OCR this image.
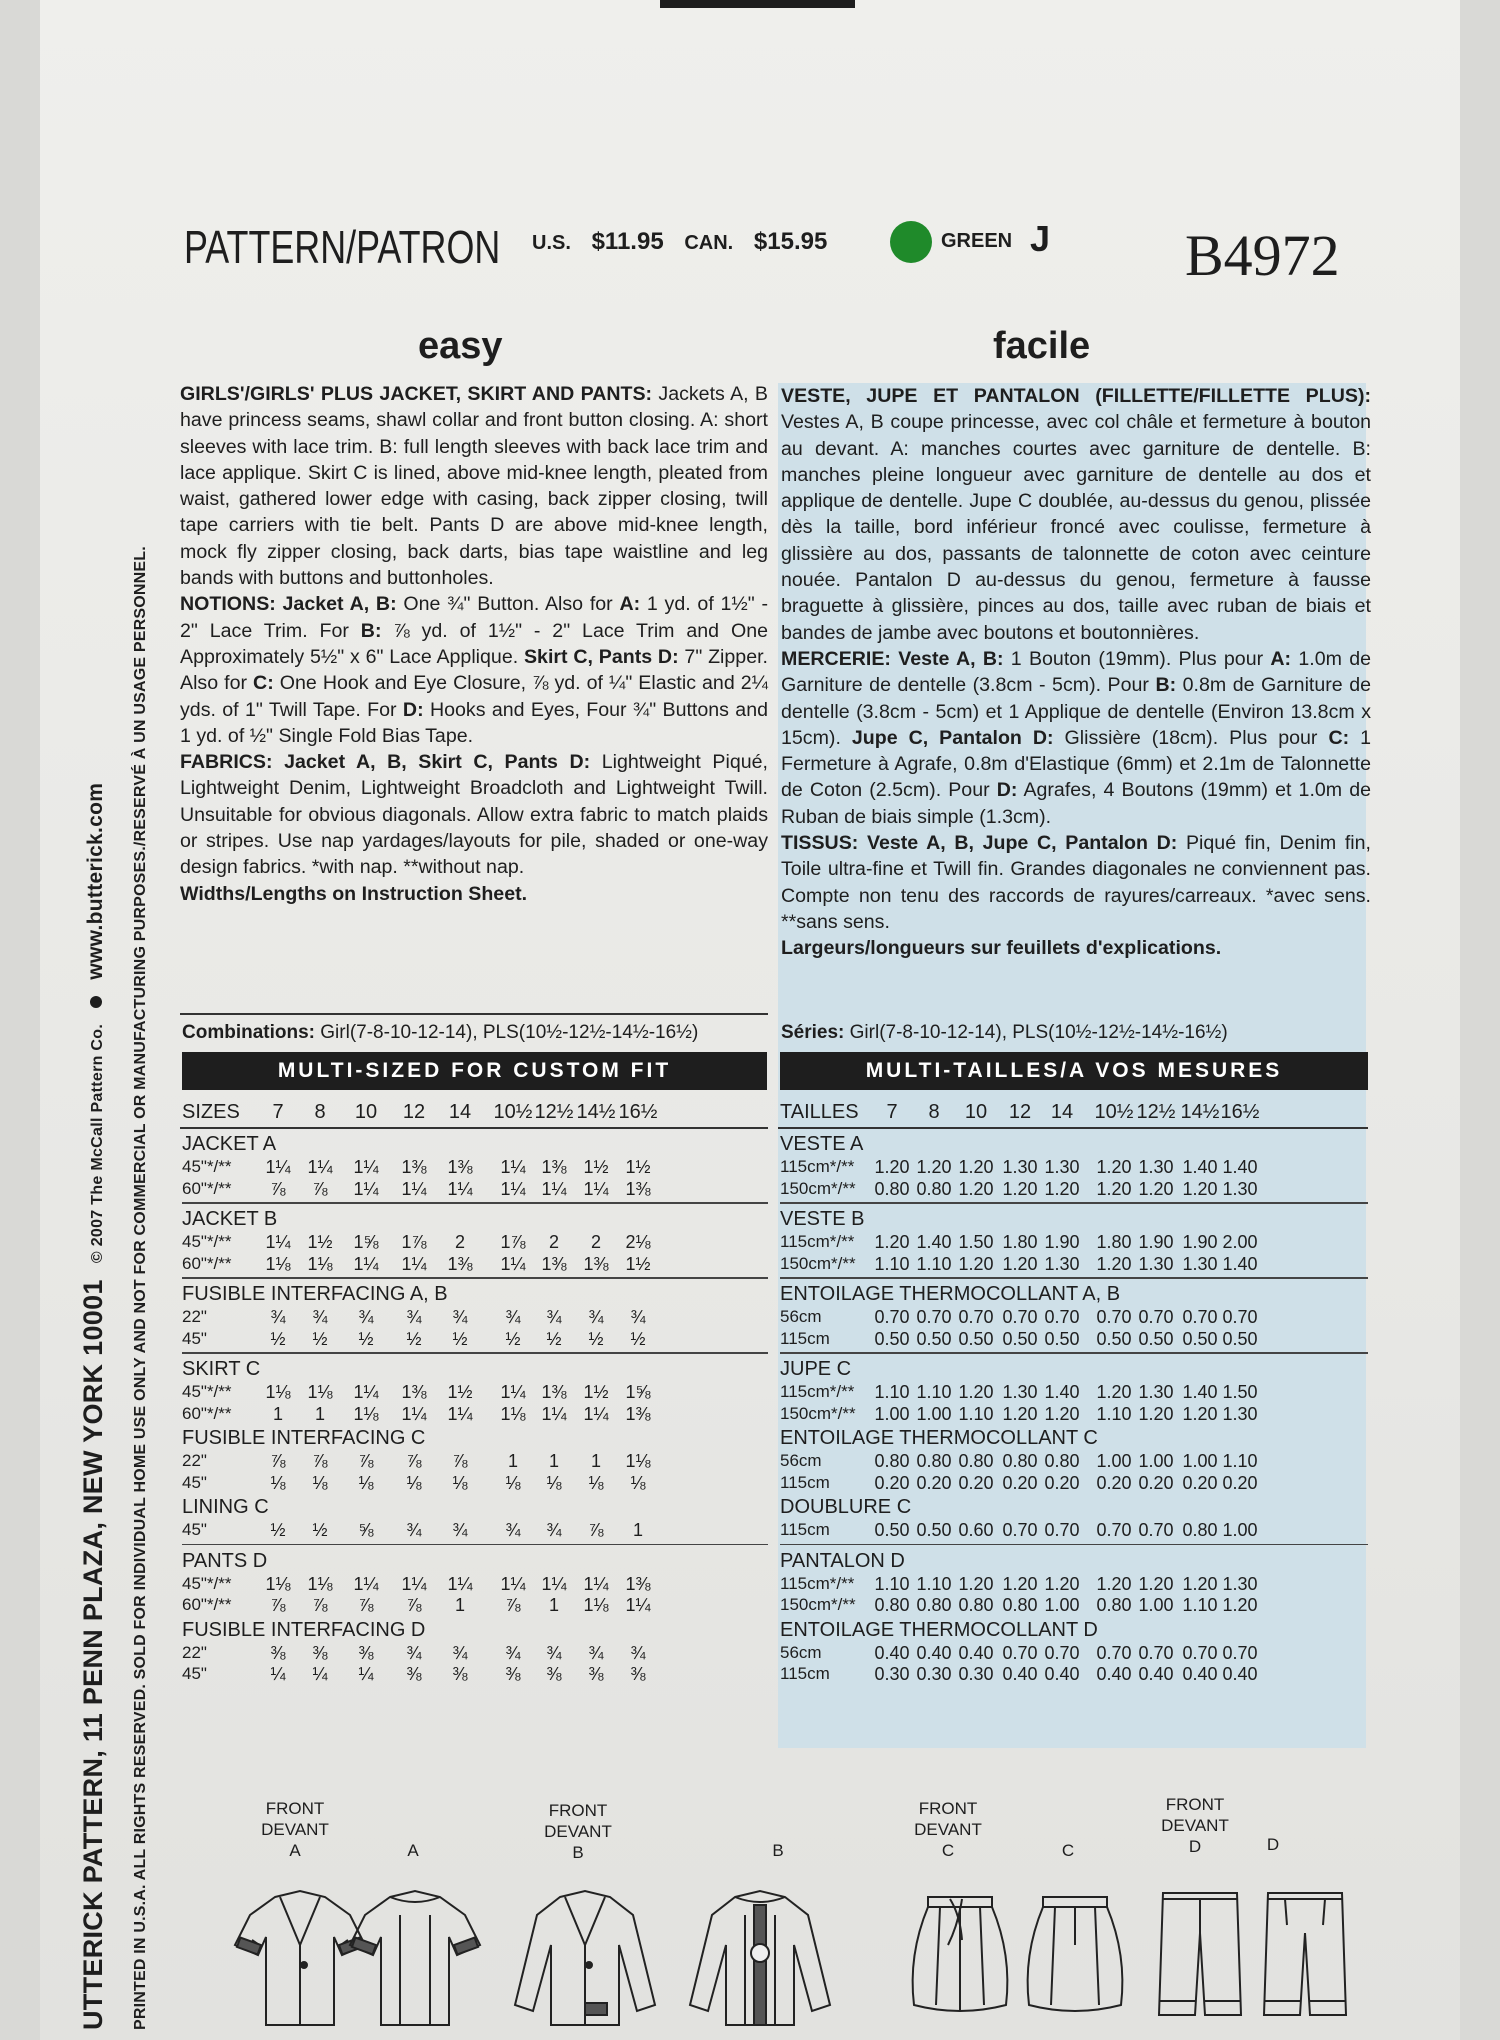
UTTERICK PATTERN, 11 PENN PLAZA, NEW YORK 10001 © 2007 The McCall Pattern Co.  www.butterick.com PRINTED IN U.S.A. ALL RIGHTS RESERVED. SOLD FOR INDIVIDUAL HOME USE ONLY AND NOT FOR COMMERCIAL OR MANUFACTURING PURPOSES./RESERVÉ À UN USAGE PERSONNEL.
PATTERN/PATRON U.S. $11.95 CAN. $15.95	GREEN J B4972
easy	facile

GIRLS'/GIRLS' PLUS JACKET, SKIRT AND PANTS: Jackets A, B have princess seams, shawl collar and front button closing. A: short sleeves with lace trim. B: full length sleeves with back lace trim and lace applique. Skirt C is lined, above mid-knee length, pleated from waist, gathered lower edge with casing, back zipper closing, twill tape carriers with tie belt. Pants D are above mid-knee length, mock fly zipper closing, back darts, bias tape waistline and leg bands with buttons and buttonholes.

NOTIONS: Jacket A, B: One ¾" Button. Also for A: 1 yd. of 1½" - 2" Lace Trim. For B: ⅞ yd. of 1½" - 2" Lace Trim and One Approximately 5½" x 6" Lace Applique. Skirt C, Pants D: 7" Zipper. Also for C: One Hook and Eye Closure, ⅞ yd. of ¼" Elastic and 2¼ yds. of 1" Twill Tape. For D: Hooks and Eyes, Four ¾" Buttons and 1 yd. of ½" Single Fold Bias Tape.

FABRICS: Jacket A, B, Skirt C, Pants D: Lightweight Piqué, Lightweight Denim, Lightweight Broadcloth and Lightweight Twill. Unsuitable for obvious diagonals. Allow extra fabric to match plaids or stripes. Use nap yardages/layouts for pile, shaded or one-way design fabrics. *with nap. **without nap.

Widths/Lengths on Instruction Sheet.

VESTE, JUPE ET PANTALON (FILLETTE/FILLETTE PLUS): Vestes A, B coupe princesse, avec col châle et fermeture à bouton au devant. A: manches courtes avec garniture de dentelle. B: manches pleine longueur avec garniture de dentelle au dos et applique de dentelle. Jupe C doublée, au-dessus du genou, plissée dès la taille, bord inférieur froncé avec coulisse, fermeture à glissière au dos, passants de talonnette de coton avec ceinture nouée. Pantalon D au-dessus du genou, fermeture à fausse braguette à glissière, pinces au dos, taille avec ruban de biais et bandes de jambe avec boutons et boutonnières.

MERCERIE: Veste A, B: 1 Bouton (19mm). Plus pour A: 1.0m de Garniture de dentelle (3.8cm - 5cm). Pour B: 0.8m de Garniture de dentelle (3.8cm - 5cm) et 1 Applique de dentelle (Environ 13.8cm x 15cm). Jupe C, Pantalon D: Glissière (18cm). Plus pour C: 1 Fermeture à Agrafe, 0.8m d'Elastique (6mm) et 2.1m de Talonnette de Coton (2.5cm). Pour D: Agrafes, 4 Boutons (19mm) et 1.0m de Ruban de biais simple (1.3cm).

TISSUS: Veste A, B, Jupe C, Pantalon D: Piqué fin, Denim fin, Toile ultra-fine et Twill fin. Grandes diagonales ne conviennent pas. Compte non tenu des raccords de rayures/carreaux. *avec sens. **sans sens.

Largeurs/longueurs sur feuillets d'explications.

Combinations: Girl(7-8-10-12-14), PLS(10½-12½-14½-16½)	Séries: Girl(7-8-10-12-14), PLS(10½-12½-14½-16½)
MULTI-SIZED FOR CUSTOM FIT	MULTI-TAILLES/A VOS MESURES
SIZES	7	8	10	12	14	10½ 12½ 14½ 16½	TAILLES	7	8	10	12 14	10½ 12½ 14½ 16½
JACKET A
45"*/**	1¼ 1¼	1¼	1⅜	1⅜	1¼ 1⅜ 1½ 1½
60"*/**	⅞	⅞	1¼	1¼	1¼	1¼ 1¼ 1¼ 1⅜
JACKET B
45"*/**	1¼ 1½	1⅝	1⅞	2	1⅞	2	2	2⅛
60"*/**	1⅛ 1⅛	1¼	1¼	1⅜	1¼ 1⅜ 1⅜ 1½
FUSIBLE INTERFACING A, B
22"	¾	¾	¾	¾	¾	¾	¾	¾	¾
45"	½	½	½	½	½	½	½	½	½
SKIRT C
45"*/**	1⅛ 1⅛	1¼	1⅜	1½	1¼ 1⅜ 1½ 1⅝
60"*/**	1	1	1⅛	1¼	1¼	1⅛ 1¼ 1¼ 1⅜
FUSIBLE INTERFACING C
22"	⅞	⅞	⅞	⅞	⅞	1	1	1	1⅛
45"	⅛	⅛	⅛	⅛	⅛	⅛	⅛	⅛	⅛
LINING C
45"	½	½	⅝	¾	¾	¾	¾	⅞	1
PANTS D
45"*/**	1⅛ 1⅛	1¼	1¼	1¼	1¼ 1¼ 1¼ 1⅜
60"*/**	⅞	⅞	⅞	⅞	1	⅞	1	1⅛ 1¼
FUSIBLE INTERFACING D
22"	⅜	⅜	⅜	¾	¾	¾	¾	¾	¾
45"	¼	¼	¼	⅜	⅜	⅜	⅜	⅜	⅜
VESTE A
115cm*/**	1.20 1.20 1.20 1.30 1.30 1.20 1.30 1.40 1.40
150cm*/**	0.80 0.80 1.20 1.20 1.20 1.20 1.20 1.20 1.30
VESTE B
115cm*/**	1.20 1.40 1.50 1.80 1.90 1.80 1.90 1.90 2.00
150cm*/**	1.10 1.10 1.20 1.20 1.30 1.20 1.30 1.30 1.40
ENTOILAGE THERMOCOLLANT A, B
56cm	0.70 0.70 0.70 0.70 0.70 0.70 0.70 0.70 0.70
115cm	0.50 0.50 0.50 0.50 0.50 0.50 0.50 0.50 0.50
JUPE C
115cm*/**	1.10 1.10 1.20 1.30 1.40 1.20 1.30 1.40 1.50
150cm*/**	1.00 1.00 1.10 1.20 1.20 1.10 1.20 1.20 1.30
ENTOILAGE THERMOCOLLANT C
56cm	0.80 0.80 0.80 0.80 0.80 1.00 1.00 1.00 1.10
115cm	0.20 0.20 0.20 0.20 0.20 0.20 0.20 0.20 0.20
DOUBLURE C
115cm	0.50 0.50 0.60 0.70 0.70 0.70 0.70 0.80 1.00
PANTALON D
115cm*/**	1.10 1.10 1.20 1.20 1.20 1.20 1.20 1.20 1.30
150cm*/**	0.80 0.80 0.80 0.80 1.00 0.80 1.00 1.10 1.20
ENTOILAGE THERMOCOLLANT D
56cm	0.40 0.40 0.40 0.70 0.70 0.70 0.70 0.70 0.70
115cm	0.30 0.30 0.30 0.40 0.40 0.40 0.40 0.40 0.40
FRONT
DEVANT
A	A
FRONT
DEVANT
B	B
FRONT
DEVANT
C	C
FRONT
DEVANT
D	D
